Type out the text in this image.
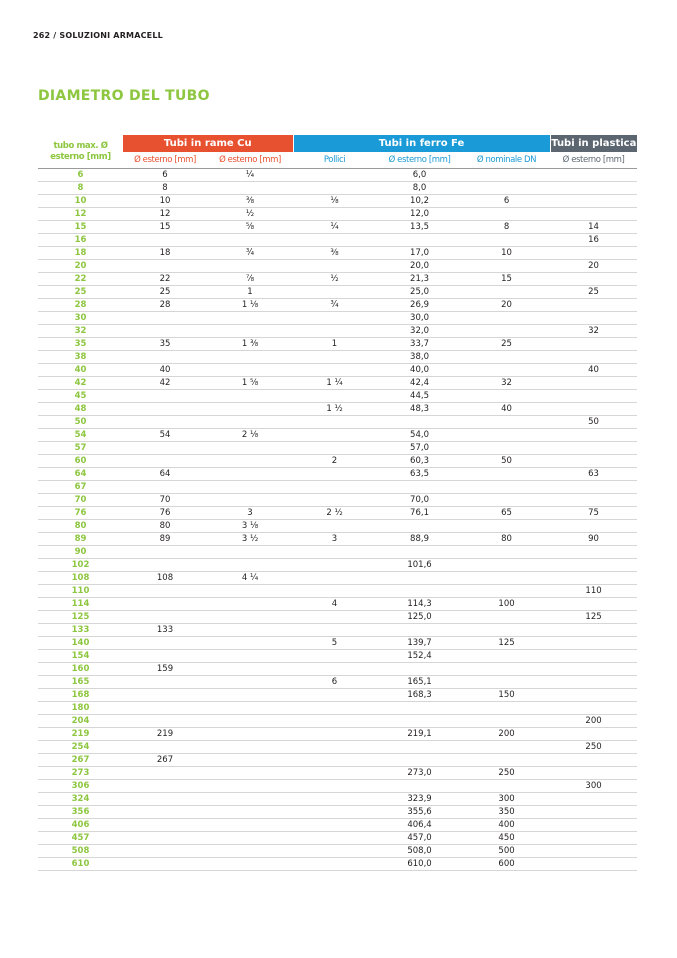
262 / SOLUZIONI ARMACELL
DIAMETRO DEL TUBO
tubo max. Ø
esterno [mm]	Tubi in rame Cu		Tubi in ferro Fe			Tubi in plastica
	Ø esterno [mm]	Ø esterno [mm]	Pollici	Ø esterno [mm]	Ø nominale DN	Ø esterno [mm]
6	6	¼		6,0		
8	8			8,0		
10	10	⅜	⅛	10,2	6	
12	12	½		12,0		
15	15	⅝	¼	13,5	8	14
16						16
18	18	¾	⅜	17,0	10	
20				20,0		20
22	22	⅞	½	21,3	15	
25	25	1		25,0		25
28	28	1 ⅛	¾	26,9	20	
30				30,0		
32				32,0		32
35	35	1 ⅜	1	33,7	25	
38				38,0		
40	40			40,0		40
42	42	1 ⅝	1 ¼	42,4	32	
45				44,5		
48			1 ½	48,3	40	
50						50
54	54	2 ⅛		54,0		
57				57,0		
60			2	60,3	50	
64	64			63,5		63
67						
70	70			70,0		
76	76	3	2 ½	76,1	65	75
80	80	3 ⅛				
89	89	3 ½	3	88,9	80	90
90						
102				101,6		
108	108	4 ¼				
110						110
114			4	114,3	100	
125				125,0		125
133	133					
140			5	139,7	125	
154				152,4		
160	159					
165			6	165,1		
168				168,3	150	
180						
204						200
219	219			219,1	200	
254						250
267	267					
273				273,0	250	
306						300
324				323,9	300	
356				355,6	350	
406				406,4	400	
457				457,0	450	
508				508,0	500	
610				610,0	600	
